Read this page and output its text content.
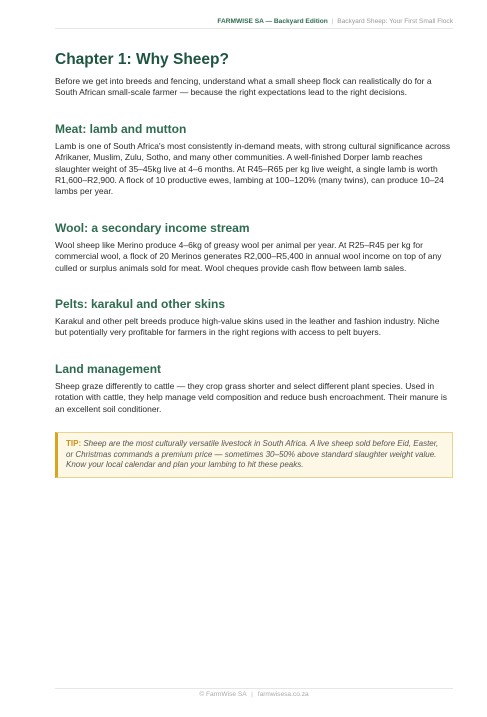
FARMWISE SA — Backyard Edition | Backyard Sheep: Your First Small Flock
Chapter 1: Why Sheep?

Before we get into breeds and fencing, understand what a small sheep flock can realistically do for a South African small-scale farmer — because the right expectations lead to the right decisions.

Meat: lamb and mutton

Lamb is one of South Africa's most consistently in-demand meats, with strong cultural significance across Afrikaner, Muslim, Zulu, Sotho, and many other communities. A well-finished Dorper lamb reaches slaughter weight of 35–45kg live at 4–6 months. At R45–R65 per kg live weight, a single lamb is worth R1,600–R2,900. A flock of 10 productive ewes, lambing at 100–120% (many twins), can produce 10–24 lambs per year.

Wool: a secondary income stream

Wool sheep like Merino produce 4–6kg of greasy wool per animal per year. At R25–R45 per kg for commercial wool, a flock of 20 Merinos generates R2,000–R5,400 in annual wool income on top of any culled or surplus animals sold for meat. Wool cheques provide cash flow between lamb sales.

Pelts: karakul and other skins

Karakul and other pelt breeds produce high-value skins used in the leather and fashion industry. Niche but potentially very profitable for farmers in the right regions with access to pelt buyers.

Land management

Sheep graze differently to cattle — they crop grass shorter and select different plant species. Used in rotation with cattle, they help manage veld composition and reduce bush encroachment. Their manure is an excellent soil conditioner.

TIP: Sheep are the most culturally versatile livestock in South Africa. A live sheep sold before Eid, Easter, or Christmas commands a premium price — sometimes 30–50% above standard slaughter weight value. Know your local calendar and plan your lambing to hit these peaks.
© FarmWise SA | farmwisesa.co.za
